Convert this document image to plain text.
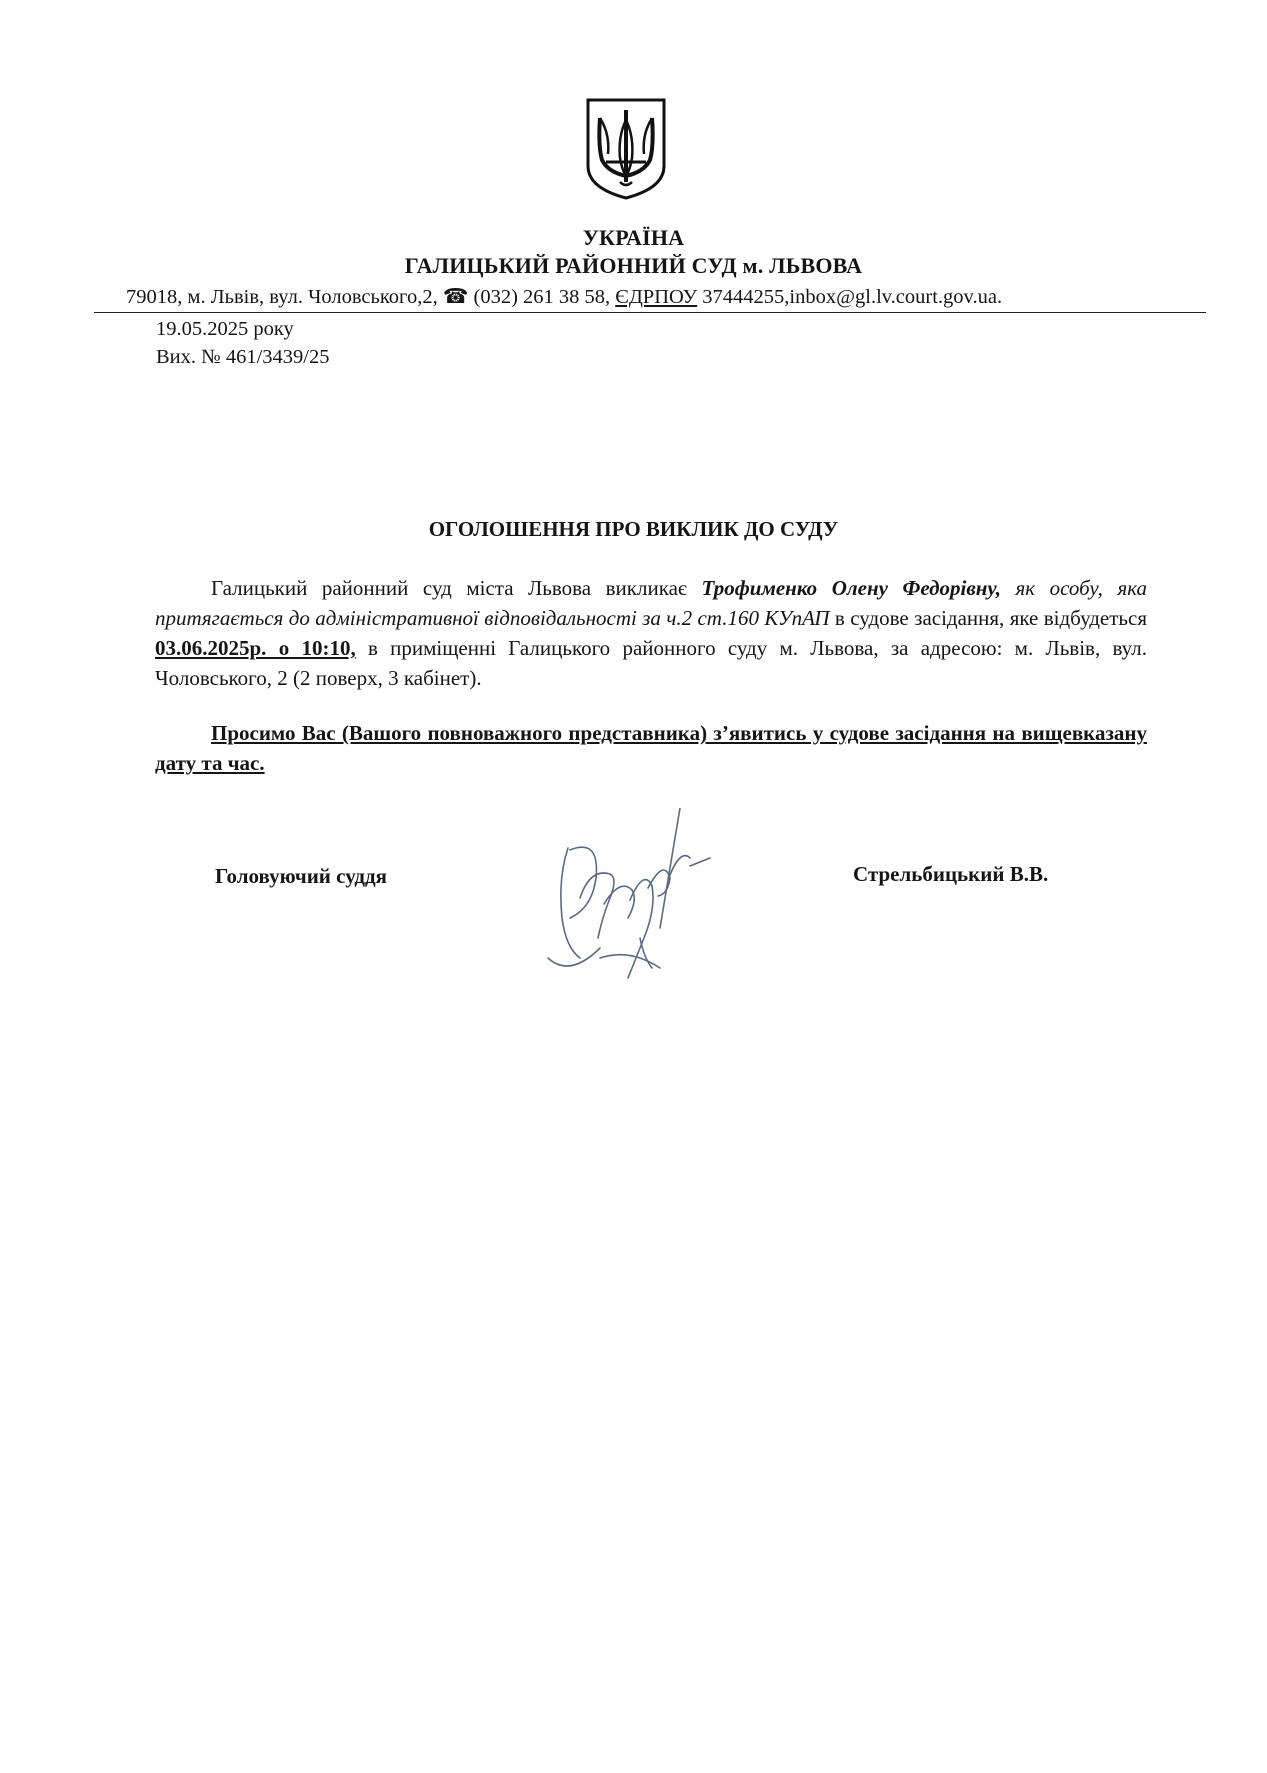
УКРАЇНА
ГАЛИЦЬКИЙ РАЙОННИЙ СУД м. ЛЬВОВА
79018, м. Львів, вул. Чоловського,2, ☎ (032) 261 38 58, ЄДРПОУ 37444255,inbox@gl.lv.court.gov.ua.
19.05.2025 року
Вих. № 461/3439/25
ОГОЛОШЕННЯ ПРО ВИКЛИК ДО СУДУ

Галицький районний суд міста Львова викликає Трофименко Олену Федорівну, як особу, яка притягається до адміністративної відповідальності за ч.2 ст.160 КУпАП в судове засідання, яке відбудеться 03.06.2025р. о 10:10, в приміщенні Галицького районного суду м. Львова, за адресою: м. Львів, вул. Чоловського, 2 (2 поверх, 3 кабінет).

Просимо Вас (Вашого повноважного представника) з’явитись у судове засідання на вищевказану дату та час.

Головуючий суддя	Стрельбицький В.В.
